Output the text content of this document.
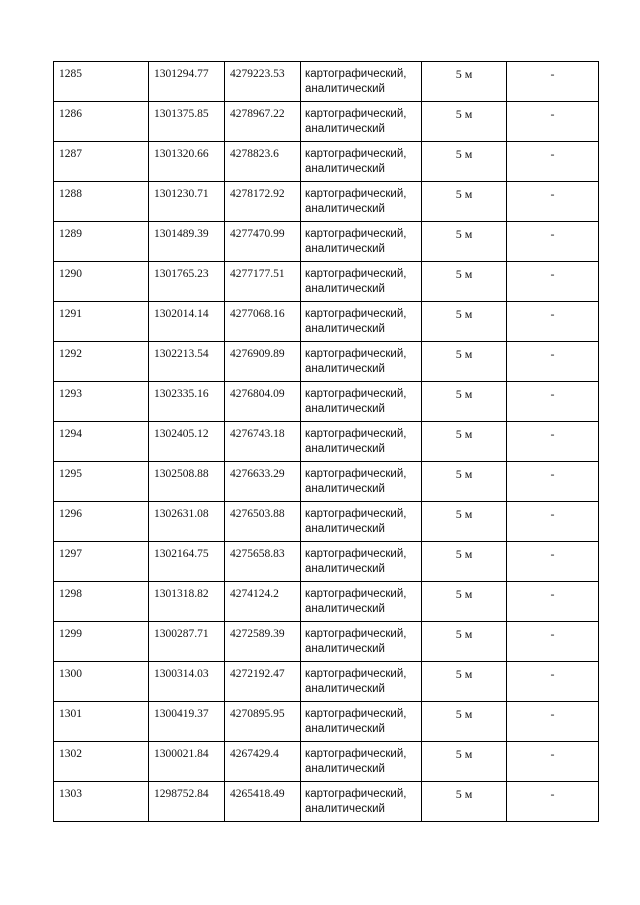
1285	1301294.77	4279223.53	картографический,
аналитический	5 м	-
1286	1301375.85	4278967.22	картографический,
аналитический	5 м	-
1287	1301320.66	4278823.6	картографический,
аналитический	5 м	-
1288	1301230.71	4278172.92	картографический,
аналитический	5 м	-
1289	1301489.39	4277470.99	картографический,
аналитический	5 м	-
1290	1301765.23	4277177.51	картографический,
аналитический	5 м	-
1291	1302014.14	4277068.16	картографический,
аналитический	5 м	-
1292	1302213.54	4276909.89	картографический,
аналитический	5 м	-
1293	1302335.16	4276804.09	картографический,
аналитический	5 м	-
1294	1302405.12	4276743.18	картографический,
аналитический	5 м	-
1295	1302508.88	4276633.29	картографический,
аналитический	5 м	-
1296	1302631.08	4276503.88	картографический,
аналитический	5 м	-
1297	1302164.75	4275658.83	картографический,
аналитический	5 м	-
1298	1301318.82	4274124.2	картографический,
аналитический	5 м	-
1299	1300287.71	4272589.39	картографический,
аналитический	5 м	-
1300	1300314.03	4272192.47	картографический,
аналитический	5 м	-
1301	1300419.37	4270895.95	картографический,
аналитический	5 м	-
1302	1300021.84	4267429.4	картографический,
аналитический	5 м	-
1303	1298752.84	4265418.49	картографический,
аналитический	5 м	-
